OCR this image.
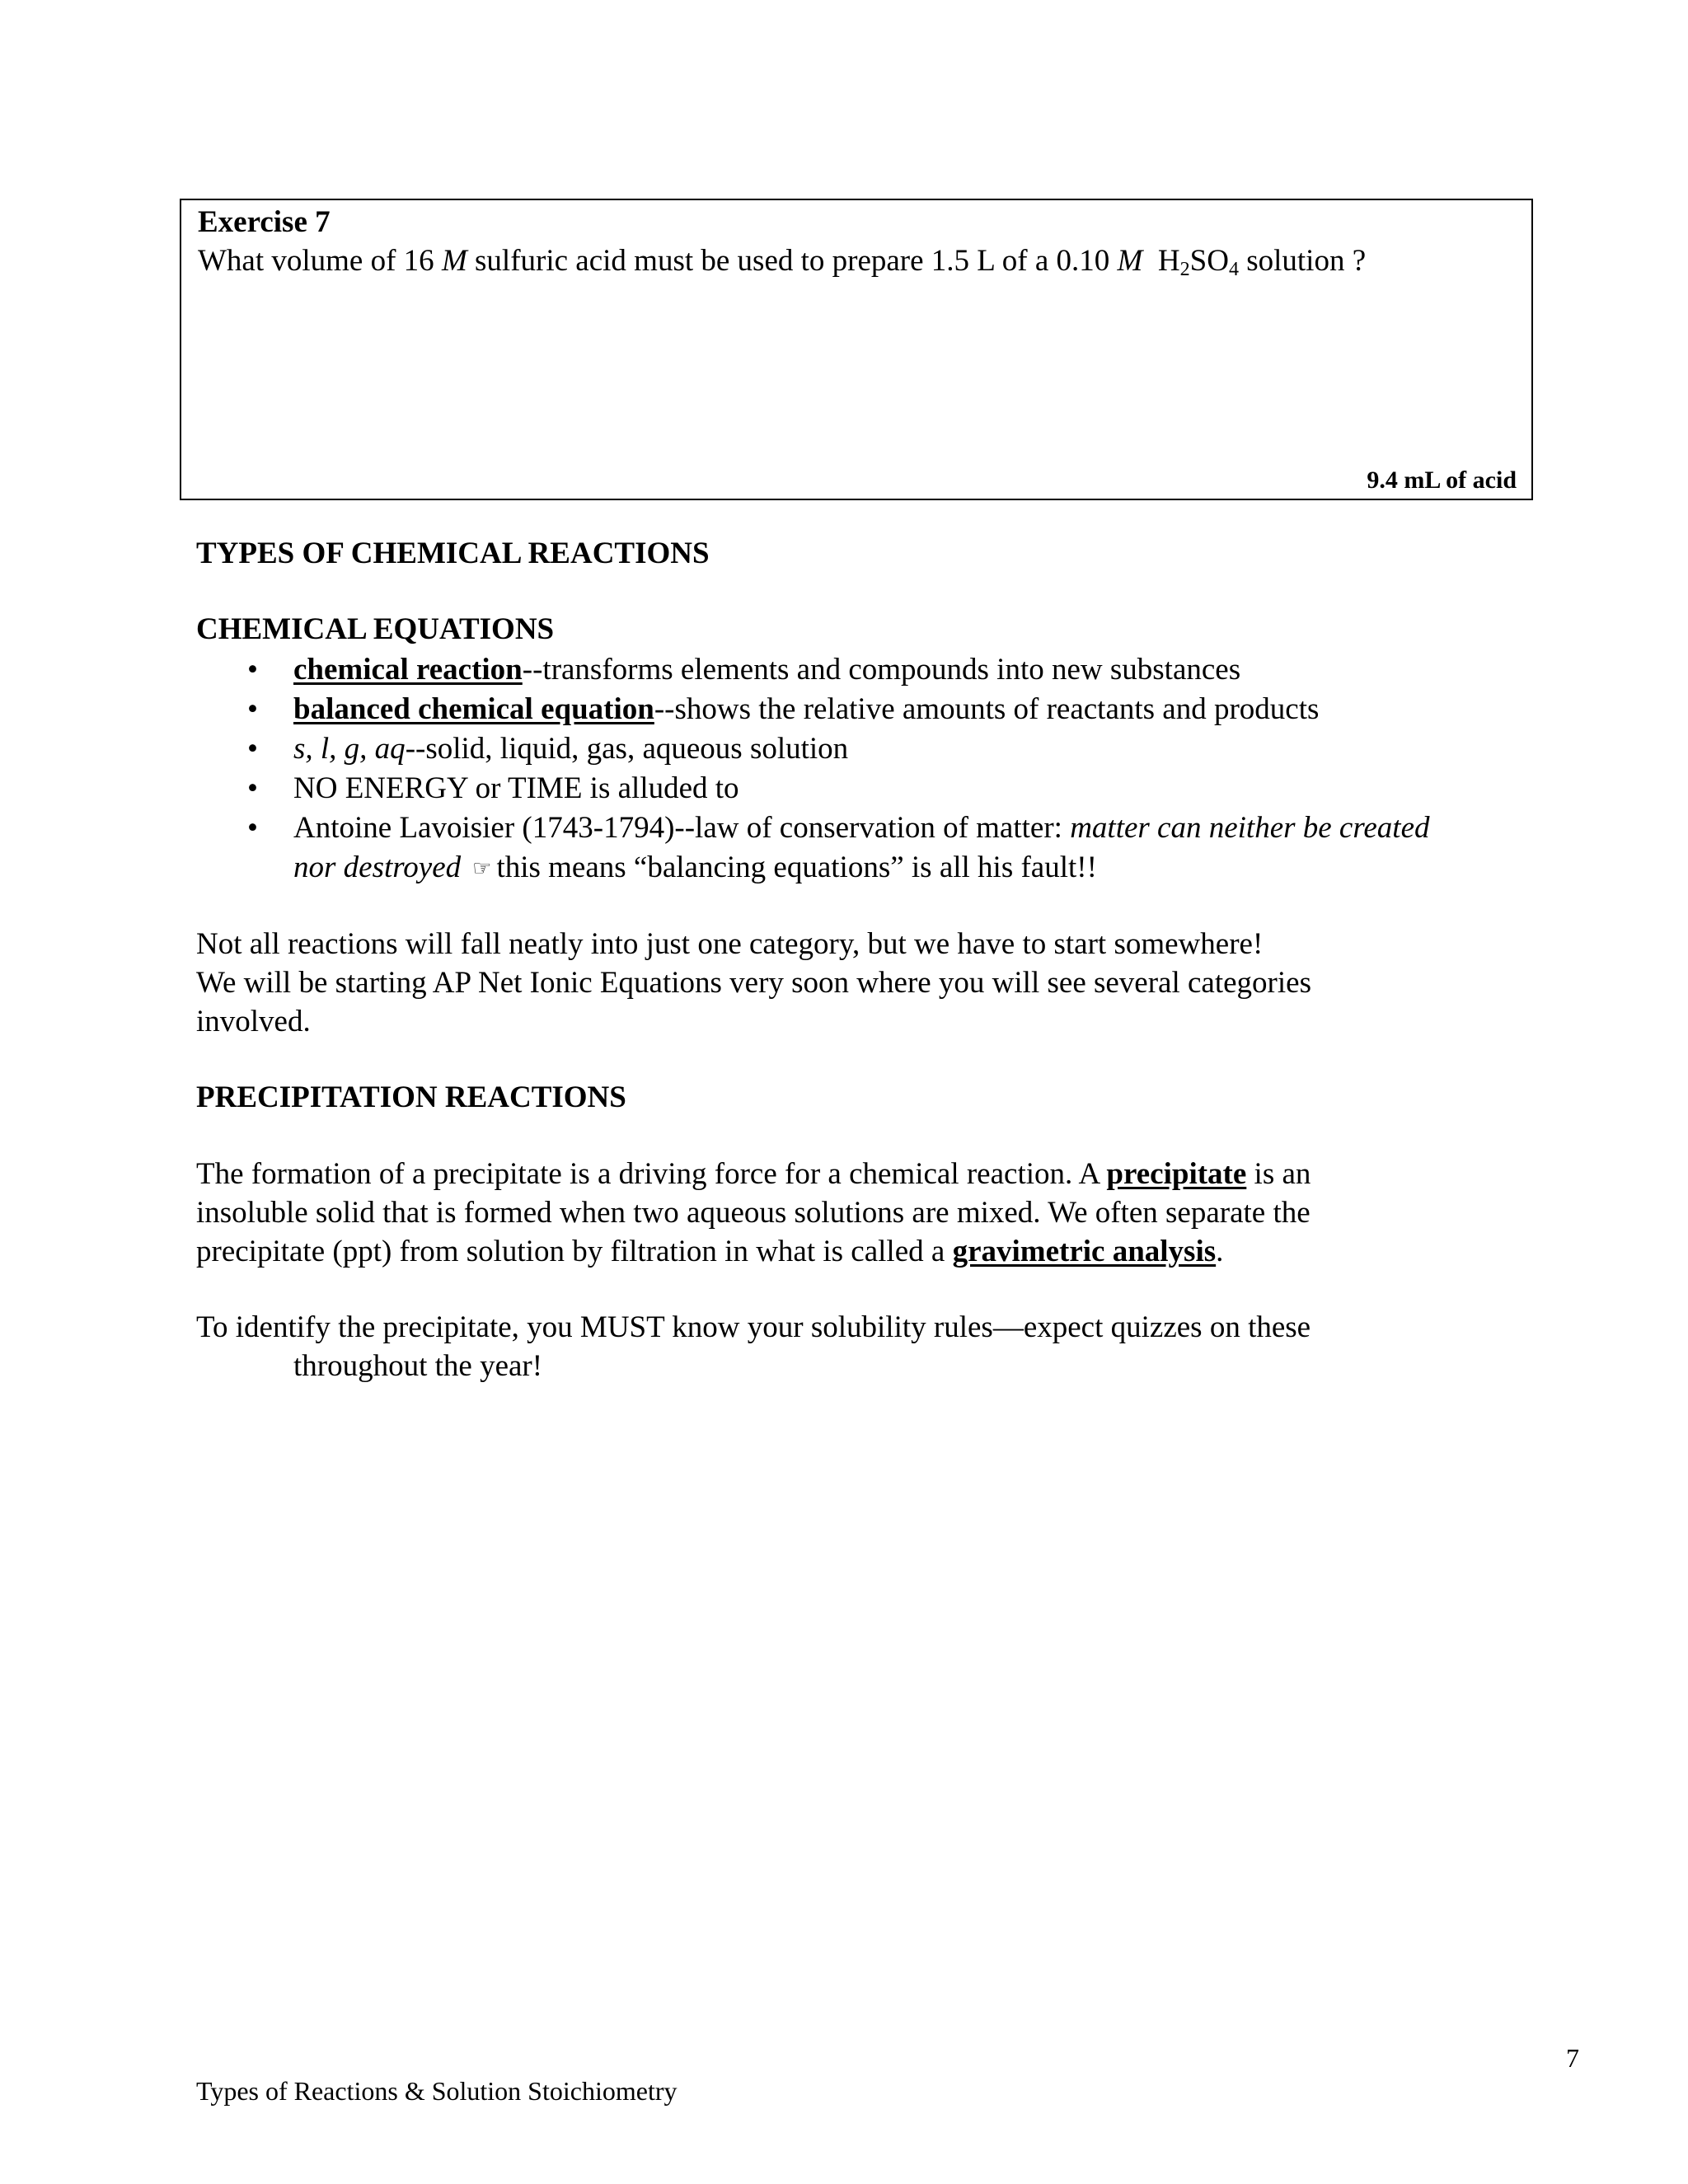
Exercise 7
What volume of 16 M sulfuric acid must be used to prepare 1.5 L of a 0.10 M $H_2SO_4$ solution ?
9.4 mL of acid
TYPES OF CHEMICAL REACTIONS
CHEMICAL EQUATIONS
• chemical reaction--transforms elements and compounds into new substances
• balanced chemical equation--shows the relative amounts of reactants and products
• s, l, g, aq--solid, liquid, gas, aqueous solution
• NO ENERGY or TIME is alluded to
• Antoine Lavoisier (1743-1794)--law of conservation of matter: matter can neither be created
nor destroyed ☞ this means “balancing equations” is all his fault!!
Not all reactions will fall neatly into just one category, but we have to start somewhere!
We will be starting AP Net Ionic Equations very soon where you will see several categories
involved.
PRECIPITATION REACTIONS
The formation of a precipitate is a driving force for a chemical reaction. A precipitate is an
insoluble solid that is formed when two aqueous solutions are mixed. We often separate the
precipitate (ppt) from solution by filtration in what is called a gravimetric analysis.
To identify the precipitate, you MUST know your solubility rules—expect quizzes on these
throughout the year!
7
Types of Reactions & Solution Stoichiometry
